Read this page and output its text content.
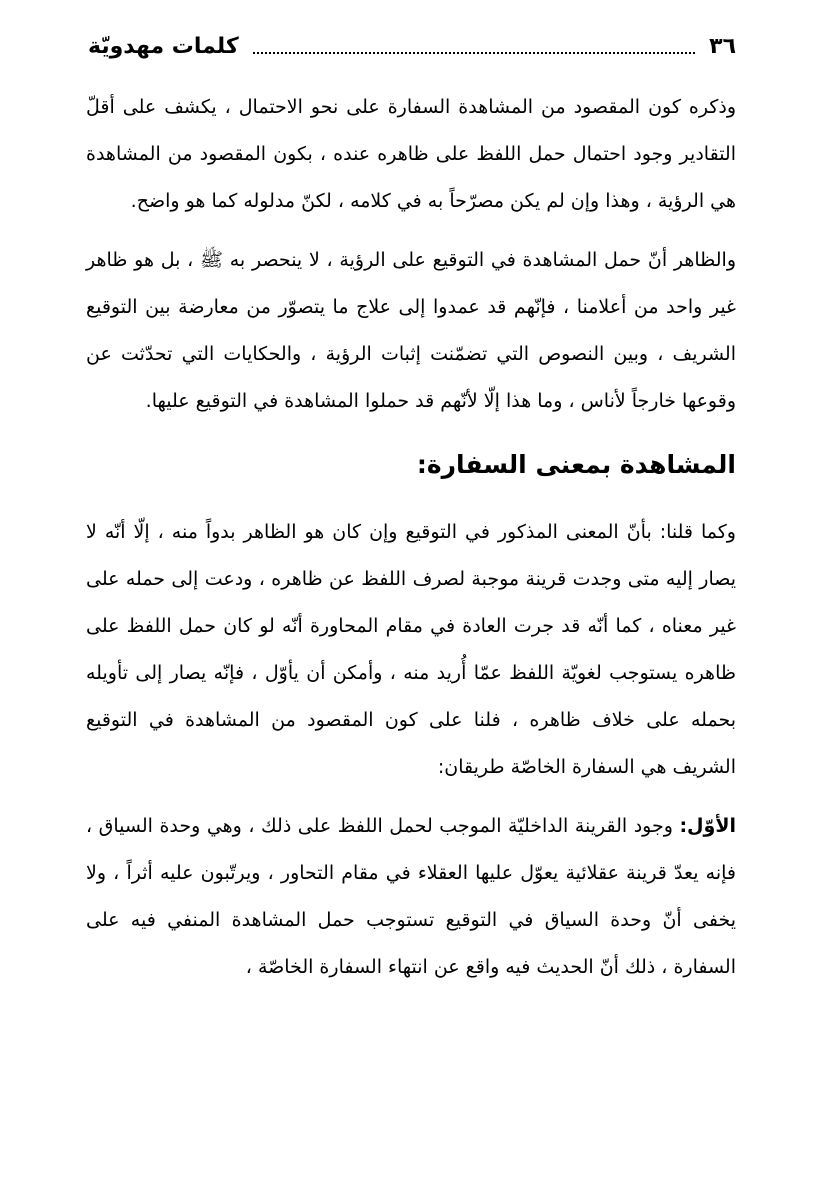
٣٦
كلمات مهدويّة

وذكره كون المقصود من المشاهدة السفارة على نحو الاحتمال ، يكشف على أقلّ التقادير وجود احتمال حمل اللفظ على ظاهره عنده ، بكون المقصود من المشاهدة هي الرؤية ، وهذا وإن لم يكن مصرّحاً به في كلامه ، لكنّ مدلوله كما هو واضح.

والظاهر أنّ حمل المشاهدة في التوقيع على الرؤية ، لا ينحصر به ﷺ ، بل هو ظاهر غير واحد من أعلامنا ، فإنّهم قد عمدوا إلى علاج ما يتصوّر من معارضة بين التوقيع الشريف ، وبين النصوص التي تضمّنت إثبات الرؤية ، والحكايات التي تحدّثت عن وقوعها خارجاً لأناس ، وما هذا إلّا لأنّهم قد حملوا المشاهدة في التوقيع عليها.

المشاهدة بمعنى السفارة:

وكما قلنا: بأنّ المعنى المذكور في التوقيع وإن كان هو الظاهر بدواً منه ، إلّا أنّه لا يصار إليه متى وجدت قرينة موجبة لصرف اللفظ عن ظاهره ، ودعت إلى حمله على غير معناه ، كما أنّه قد جرت العادة في مقام المحاورة أنّه لو كان حمل اللفظ على ظاهره يستوجب لغويّة اللفظ عمّا أُريد منه ، وأمكن أن يأوّل ، فإنّه يصار إلى تأويله بحمله على خلاف ظاهره ، فلنا على كون المقصود من المشاهدة في التوقيع الشريف هي السفارة الخاصّة طريقان:

الأوّل: وجود القرينة الداخليّة الموجب لحمل اللفظ على ذلك ، وهي وحدة السياق ، فإنه يعدّ قرينة عقلائية يعوّل عليها العقلاء في مقام التحاور ، ويرتّبون عليه أثراً ، ولا يخفى أنّ وحدة السياق في التوقيع تستوجب حمل المشاهدة المنفي فيه على السفارة ، ذلك أنّ الحديث فيه واقع عن انتهاء السفارة الخاصّة ،
